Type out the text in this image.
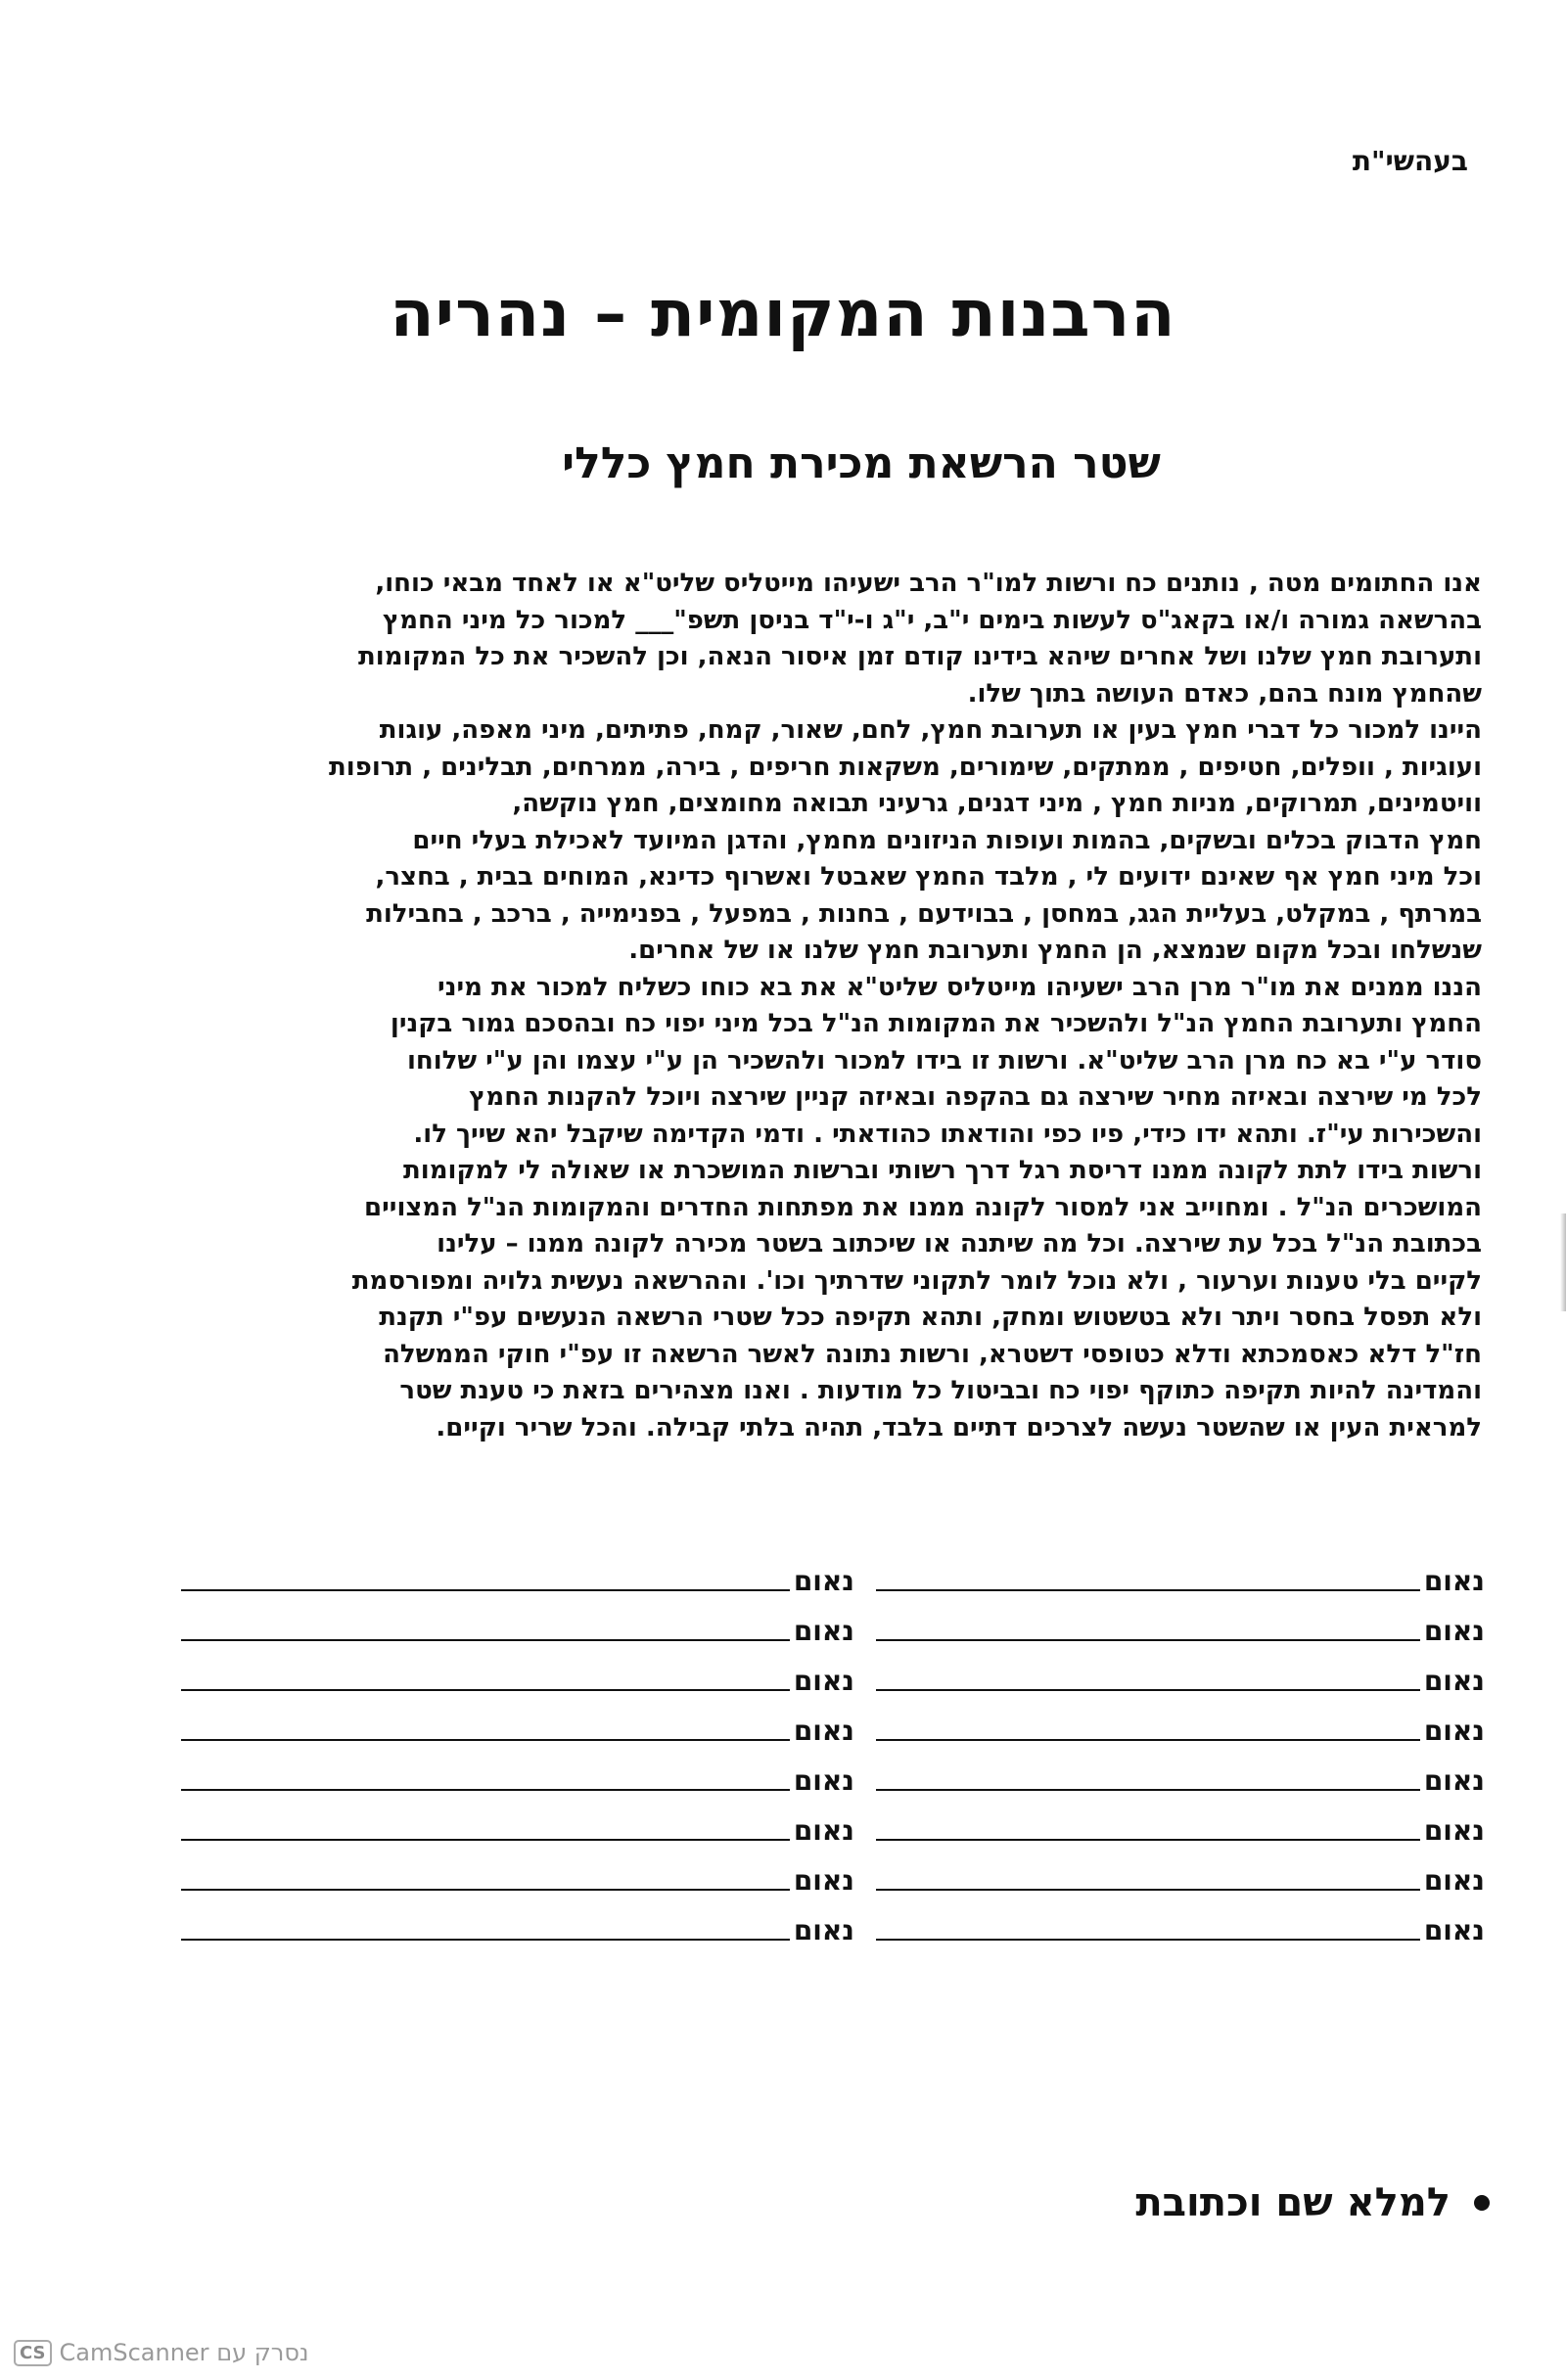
בעהשי"ת
הרבנות המקומית – נהריה
שטר הרשאת מכירת חמץ כללי
אנו החתומים מטה , נותנים כח ורשות למו"ר הרב ישעיהו מייטליס שליט"א או לאחד מבאי כוחו,
בהרשאה גמורה ו/או בקאג"ס לעשות בימים י"ב, י"ג ו-י"ד בניסן תשפ"___ למכור כל מיני החמץ
ותערובת חמץ שלנו ושל אחרים שיהא בידינו קודם זמן איסור הנאה, וכן להשכיר את כל המקומות
שהחמץ מונח בהם, כאדם העושה בתוך שלו.
היינו למכור כל דברי חמץ בעין או תערובת חמץ, לחם, שאור, קמח, פתיתים, מיני מאפה, עוגות
ועוגיות , וופלים, חטיפים , ממתקים, שימורים, משקאות חריפים , בירה, ממרחים, תבלינים , תרופות
וויטמינים, תמרוקים, מניות חמץ , מיני דגנים, גרעיני תבואה מחומצים, חמץ נוקשה,
חמץ הדבוק בכלים ובשקים, בהמות ועופות הניזונים מחמץ, והדגן המיועד לאכילת בעלי חיים
וכל מיני חמץ אף שאינם ידועים לי , מלבד החמץ שאבטל ואשרוף כדינא, המוחים בבית , בחצר,
במרתף , במקלט, בעליית הגג, במחסן , בבוידעם , בחנות , במפעל , בפנימייה , ברכב , בחבילות
שנשלחו ובכל מקום שנמצא, הן החמץ ותערובת חמץ שלנו או של אחרים.
הננו ממנים את מו"ר מרן הרב ישעיהו מייטליס שליט"א את בא כוחו כשליח למכור את מיני
החמץ ותערובת החמץ הנ"ל ולהשכיר את המקומות הנ"ל בכל מיני יפוי כח ובהסכם גמור בקנין
סודר ע"י בא כח מרן הרב שליט"א. ורשות זו בידו למכור ולהשכיר הן ע"י עצמו והן ע"י שלוחו
לכל מי שירצה ובאיזה מחיר שירצה גם בהקפה ובאיזה קניין שירצה ויוכל להקנות החמץ
והשכירות עי"ז. ותהא ידו כידי, פיו כפי והודאתו כהודאתי . ודמי הקדימה שיקבל יהא שייך לו.
ורשות בידו לתת לקונה ממנו דריסת רגל דרך רשותי וברשות המושכרת או שאולה לי למקומות
המושכרים הנ"ל . ומחוייב אני למסור לקונה ממנו את מפתחות החדרים והמקומות הנ"ל המצויים
בכתובת הנ"ל בכל עת שירצה. וכל מה שיתנה או שיכתוב בשטר מכירה לקונה ממנו – עלינו
לקיים בלי טענות וערעור , ולא נוכל לומר לתקוני שדרתיך וכו'. וההרשאה נעשית גלויה ומפורסמת
ולא תפסל בחסר ויתר ולא בטשטוש ומחק, ותהא תקיפה ככל שטרי הרשאה הנעשים עפ"י תקנת
חז"ל דלא כאסמכתא ודלא כטופסי דשטרא, ורשות נתונה לאשר הרשאה זו עפ"י חוקי הממשלה
והמדינה להיות תקיפה כתוקף יפוי כח ובביטול כל מודעות . ואנו מצהירים בזאת כי טענת שטר
למראית העין או שהשטר נעשה לצרכים דתיים בלבד, תהיה בלתי קבילה. והכל שריר וקיים.
נאום
נאום
נאום
נאום
נאום
נאום
נאום
נאום
נאום
נאום
נאום
נאום
נאום
נאום
נאום
נאום
למלא שם וכתובת
CS CamScanner נסרק עם
